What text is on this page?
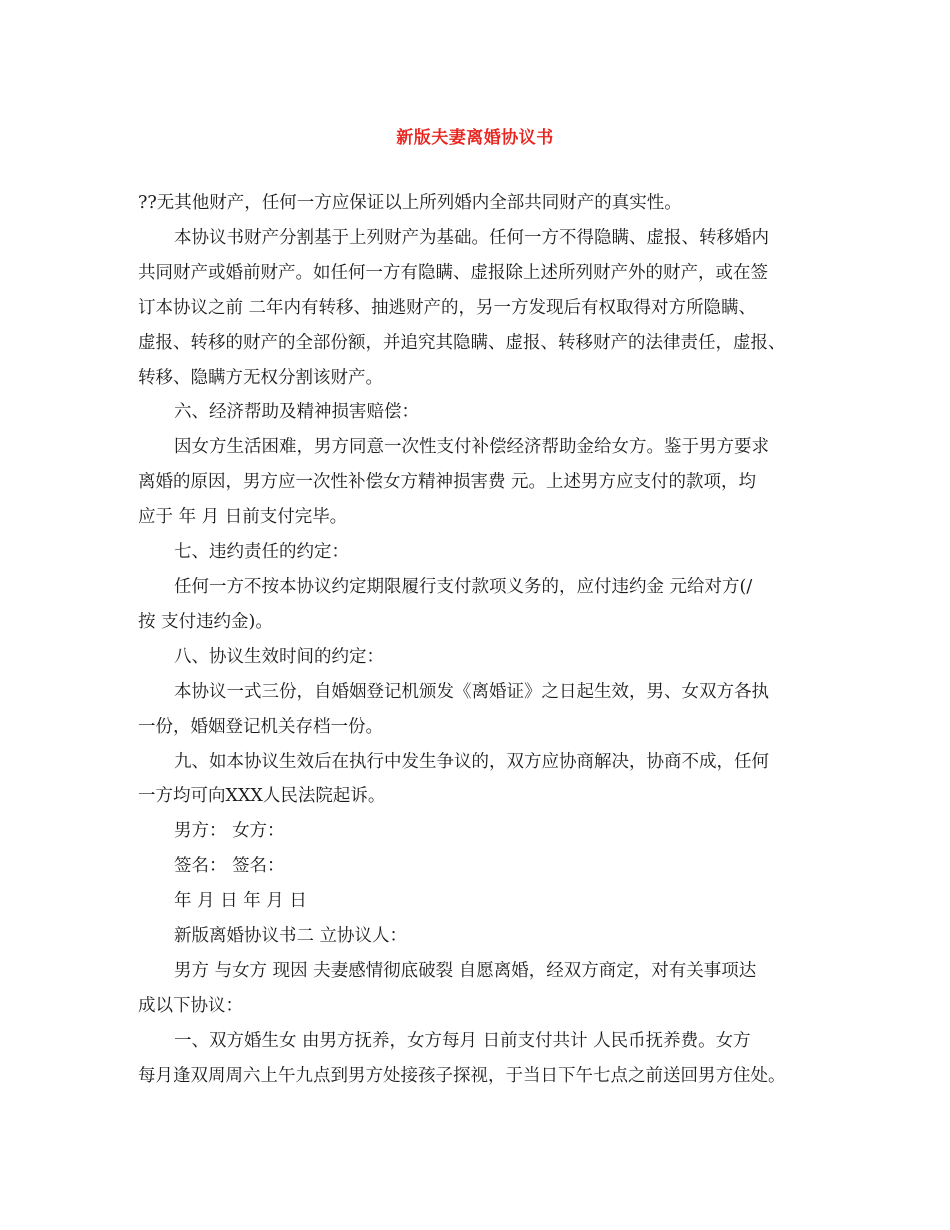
新版夫妻离婚协议书

??无其他财产，任何一方应保证以上所列婚内全部共同财产的真实性。

本协议书财产分割基于上列财产为基础。任何一方不得隐瞒、虚报、转移婚内

共同财产或婚前财产。如任何一方有隐瞒、虚报除上述所列财产外的财产，或在签

订本协议之前 二年内有转移、抽逃财产的，另一方发现后有权取得对方所隐瞒、

虚报、转移的财产的全部份额，并追究其隐瞒、虚报、转移财产的法律责任，虚报、

转移、隐瞒方无权分割该财产。

六、经济帮助及精神损害赔偿：

因女方生活困难，男方同意一次性支付补偿经济帮助金给女方。鉴于男方要求

离婚的原因，男方应一次性补偿女方精神损害费 元。上述男方应支付的款项，均

应于 年 月 日前支付完毕。

七、违约责任的约定：

任何一方不按本协议约定期限履行支付款项义务的，应付违约金 元给对方(/

按 支付违约金)。

八、协议生效时间的约定：

本协议一式三份，自婚姻登记机颁发《离婚证》之日起生效，男、女双方各执

一份，婚姻登记机关存档一份。

九、如本协议生效后在执行中发生争议的，双方应协商解决，协商不成，任何

一方均可向XXX人民法院起诉。

男方： 女方：

签名： 签名：

年 月 日 年 月 日

新版离婚协议书二 立协议人：

男方 与女方 现因 夫妻感情彻底破裂 自愿离婚，经双方商定，对有关事项达

成以下协议：

一、双方婚生女 由男方抚养，女方每月 日前支付共计 人民币抚养费。女方

每月逢双周周六上午九点到男方处接孩子探视，于当日下午七点之前送回男方住处。
